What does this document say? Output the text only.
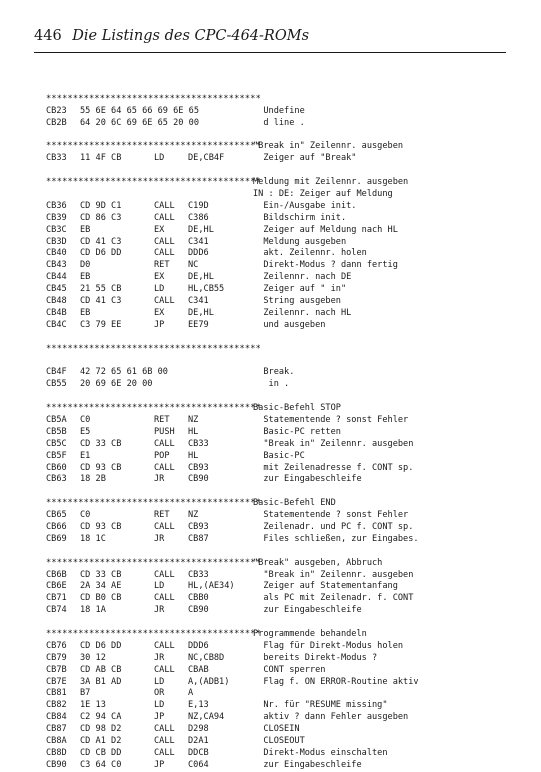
446 Die Listings des CPC-464-ROMs
****************************************
CB23 55 6E 64 65 66 69 6E 65	Undefine
CB2B 64 20 6C 69 6E 65 20 00	d line .
****************************************
"Break in" Zeilennr. ausgeben
CB33 11 4F CB	LD	DE,CB4F	Zeiger auf "Break"
****************************************
Meldung mit Zeilennr. ausgeben
IN : DE: Zeiger auf Meldung
CB36 CD 9D C1	CALL C19D	Ein-/Ausgabe init.
CB39 CD 86 C3	CALL C386	Bildschirm init.
CB3C EB	EX	DE,HL	Zeiger auf Meldung nach HL
CB3D CD 41 C3	CALL C341	Meldung ausgeben
CB40 CD D6 DD	CALL DDD6	akt. Zeilennr. holen
CB43 D0	RET NC	Direkt-Modus ? dann fertig
CB44 EB	EX	DE,HL	Zeilennr. nach DE
CB45 21 55 CB	LD	HL,CB55	Zeiger auf " in"
CB48 CD 41 C3	CALL C341	String ausgeben
CB4B EB	EX	DE,HL	Zeilennr. nach HL
CB4C C3 79 EE	JP	EE79	und ausgeben
****************************************
CB4F 42 72 65 61 6B 00	Break.
CB55 20 69 6E 20 00	in .
****************************************
Basic-Befehl STOP
CB5A C0	RET NZ	Statementende ? sonst Fehler
CB5B E5	PUSH HL	Basic-PC retten
CB5C CD 33 CB	CALL CB33	"Break in" Zeilennr. ausgeben
CB5F E1	POP HL	Basic-PC
CB60 CD 93 CB	CALL CB93	mit Zeilenadresse f. CONT sp.
CB63 18 2B	JR	CB90	zur Eingabeschleife
****************************************
Basic-Befehl END
CB65 C0	RET NZ	Statementende ? sonst Fehler
CB66 CD 93 CB	CALL CB93	Zeilenadr. und PC f. CONT sp.
CB69 18 1C	JR	CB87	Files schließen, zur Eingabes.
****************************************
"Break" ausgeben, Abbruch
CB6B CD 33 CB	CALL CB33	"Break in" Zeilennr. ausgeben
CB6E 2A 34 AE	LD	HL,(AE34) Zeiger auf Statementanfang
CB71 CD B0 CB	CALL CBB0	als PC mit Zeilenadr. f. CONT
CB74 18 1A	JR	CB90	zur Eingabeschleife
****************************************
Programmende behandeln
CB76 CD D6 DD	CALL DDD6	Flag für Direkt-Modus holen
CB79 30 12	JR	NC,CB8D	bereits Direkt-Modus ?
CB7B CD AB CB	CALL CBAB	CONT sperren
CB7E 3A B1 AD	LD	A,(ADB1)	Flag f. ON ERROR-Routine aktiv
CB81 B7	OR	A
CB82 1E 13	LD	E,13	Nr. für "RESUME missing"
CB84 C2 94 CA	JP	NZ,CA94	aktiv ? dann Fehler ausgeben
CB87 CD 98 D2	CALL D298	CLOSEIN
CB8A CD A1 D2	CALL D2A1	CLOSEOUT
CB8D CD CB DD	CALL DDCB	Direkt-Modus einschalten
CB90 C3 64 C0	JP	C064	zur Eingabeschleife
